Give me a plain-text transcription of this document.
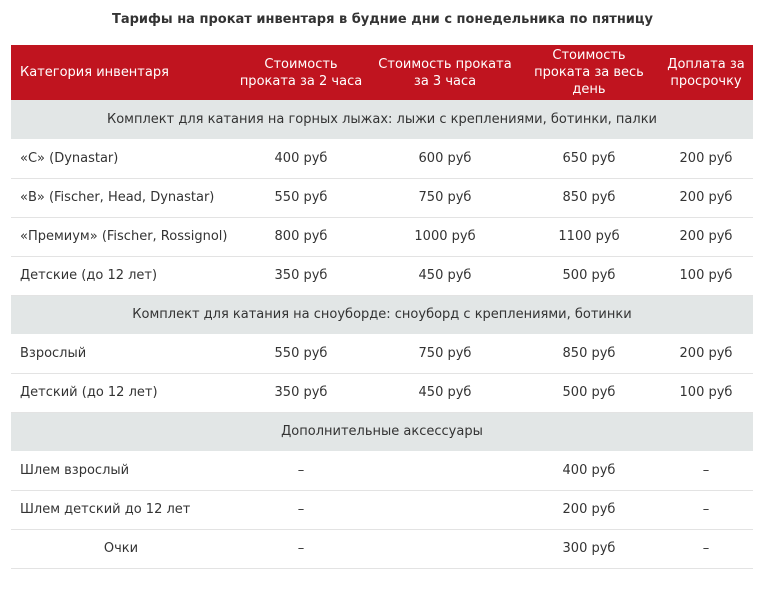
Тарифы на прокат инвентаря в будние дни с понедельника по пятницу
Категория инвентаря	Стоимость проката за 2 часа	Стоимость проката за 3 часа	Стоимость проката за весь день	Доплата за просрочку
Комплект для катания на горных лыжах: лыжи с креплениями, ботинки, палки				
«С» (Dynastar)	400 руб	600 руб	650 руб	200 руб
«В» (Fischer, Head, Dynastar)	550 руб	750 руб	850 руб	200 руб
«Премиум» (Fischer, Rossignol)	800 руб	1000 руб	1100 руб	200 руб
Детские (до 12 лет)	350 руб	450 руб	500 руб	100 руб
Комплект для катания на сноуборде: сноуборд с креплениями, ботинки				
Взрослый	550 руб	750 руб	850 руб	200 руб
Детский (до 12 лет)	350 руб	450 руб	500 руб	100 руб
Дополнительные аксессуары				
Шлем взрослый	–		400 руб	–
Шлем детский до 12 лет	–		200 руб	–
Очки	–		300 руб	–
